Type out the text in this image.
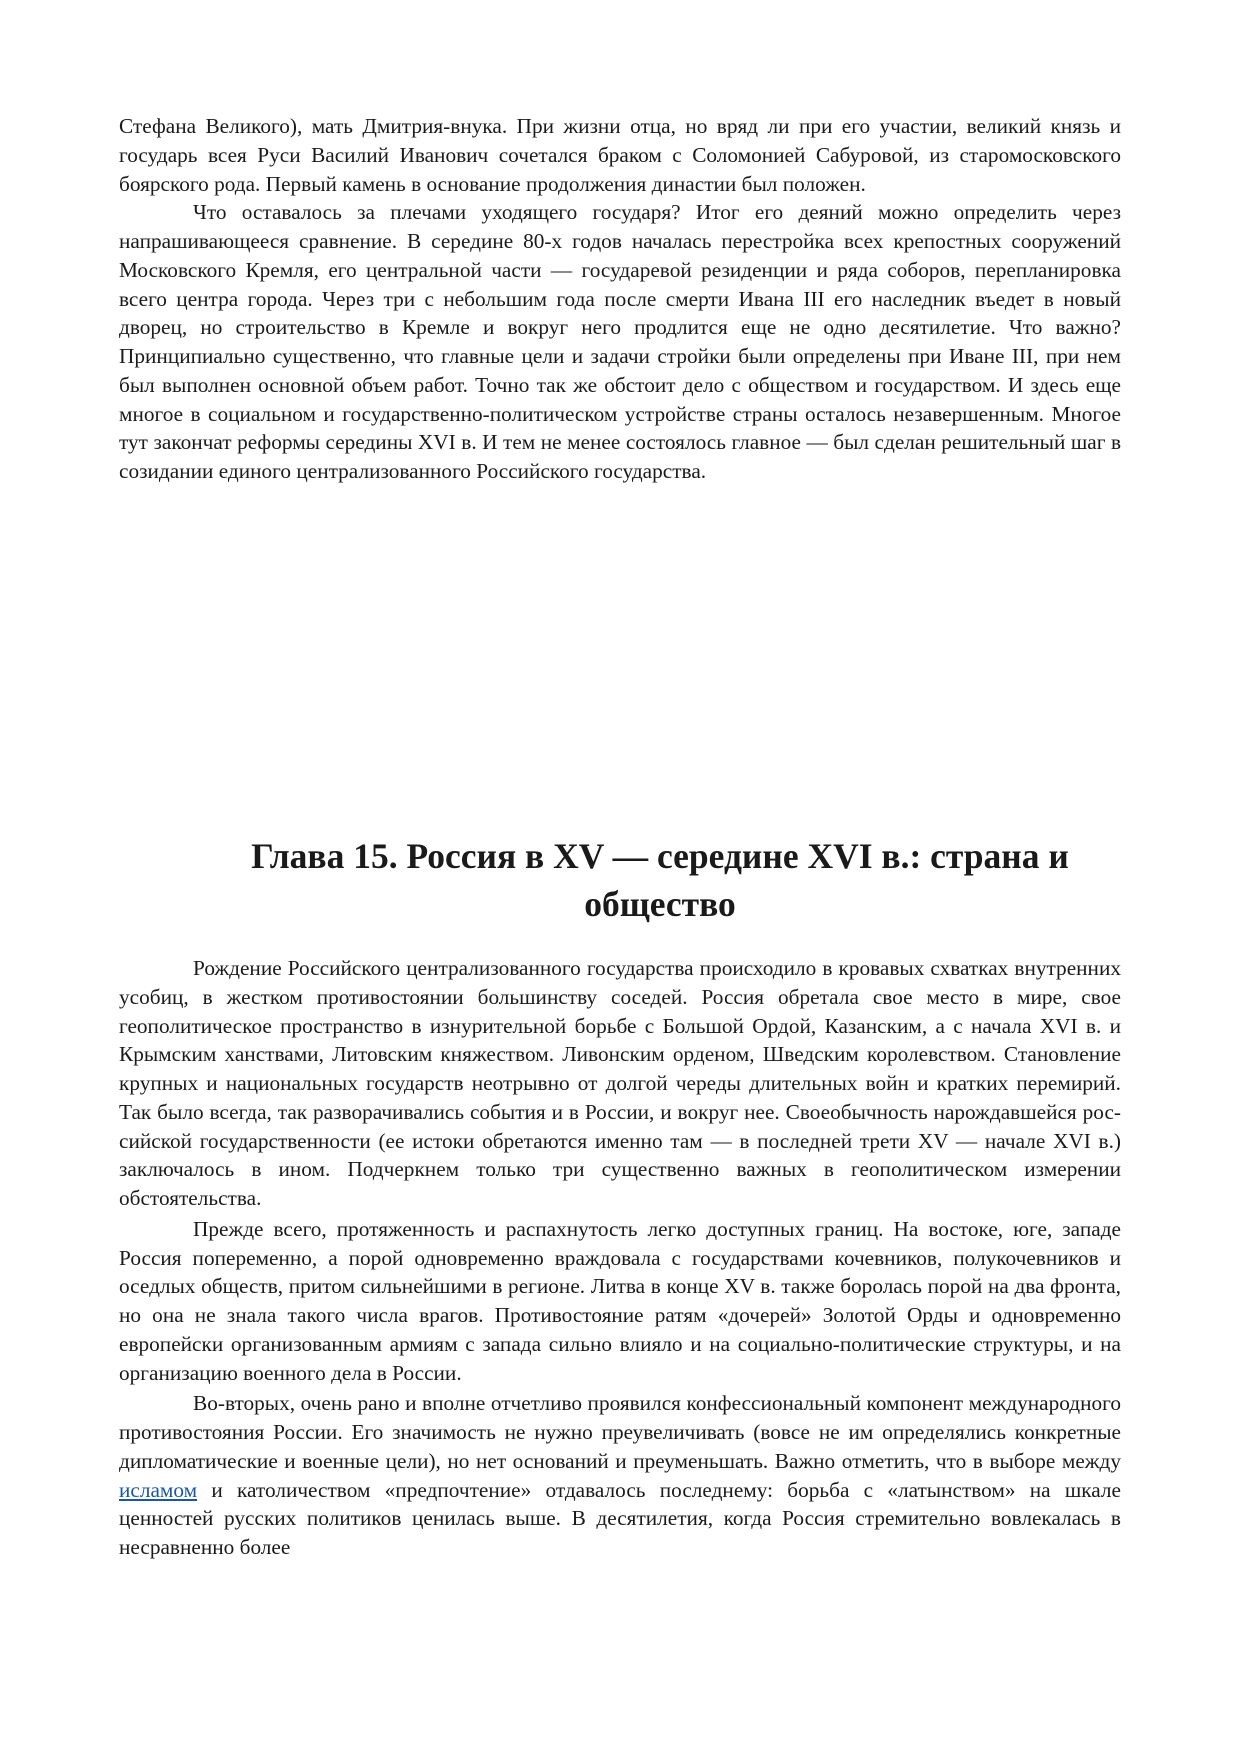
Стефана Великого), мать Дмитрия-внука. При жизни отца, но вряд ли при его участии, великий князь и государь всея Руси Василий Иванович сочетался браком с Соломонией Сабуровой, из старомосковского боярского рода. Первый камень в основание продолжения династии был положен.

Что оставалось за плечами уходящего государя? Итог его деяний можно определить через напрашивающееся сравнение. В середине 80-х годов началась перестройка всех крепостных сооружений Московского Кремля, его центральной части — государевой резиденции и ряда соборов, перепланировка всего центра города. Через три с небольшим года после смерти Ивана III его наследник въедет в новый дворец, но строительство в Кремле и вокруг него продлится еще не одно десятилетие. Что важно? Принципиально существенно, что главные цели и задачи стройки были определены при Иване III, при нем был выполнен основной объем работ. Точно так же обстоит дело с обществом и государством. И здесь еще многое в социальном и государственно-политическом устройстве страны осталось незавершенным. Многое тут закончат реформы середины XVI в. И тем не менее состоялось главное — был сделан решительный шаг в созидании единого централизованного Российского государства.

Глава 15. Россия в XV — середине XVI в.: страна и общество

Рождение Российского централизованного государства происходило в кровавых схватках внутренних усобиц, в жестком противостоянии большинству соседей. Россия обретала свое место в мире, свое геополитическое пространство в изнурительной борьбе с Большой Ордой, Казанским, а с начала XVI в. и Крымским ханствами, Литовским княжеством. Ливонским орденом, Шведским королевством. Становление крупных и национальных государств неотрывно от долгой череды длительных войн и кратких перемирий. Так было всегда, так разворачивались события и в России, и вокруг нее. Своеобычность нарождавшейся российской государственности (ее истоки обретаются именно там — в последней трети XV — начале XVI в.) заключалось в ином. Подчеркнем только три существенно важных в геополитическом измерении обстоятельства.

Прежде всего, протяженность и распахнутость легко доступных границ. На востоке, юге, западе Россия попеременно, а порой одновременно враждовала с государствами кочевников, полукочевников и оседлых обществ, притом сильнейшими в регионе. Литва в конце XV в. также боролась порой на два фронта, но она не знала такого числа врагов. Противостояние ратям «дочерей» Золотой Орды и одновременно европейски организованным армиям с запада сильно влияло и на социально-политические структуры, и на организацию военного дела в России.

Во-вторых, очень рано и вполне отчетливо проявился конфессиональный компонент международного противостояния России. Его значимость не нужно преувеличивать (вовсе не им определялись конкретные дипломатические и военные цели), но нет оснований и преуменьшать. Важно отметить, что в выборе между исламом и католичеством «предпочтение» отдавалось последнему: борьба с «латынством» на шкале ценностей русских политиков ценилась выше. В десятилетия, когда Россия стремительно вовлекалась в несравненно более
